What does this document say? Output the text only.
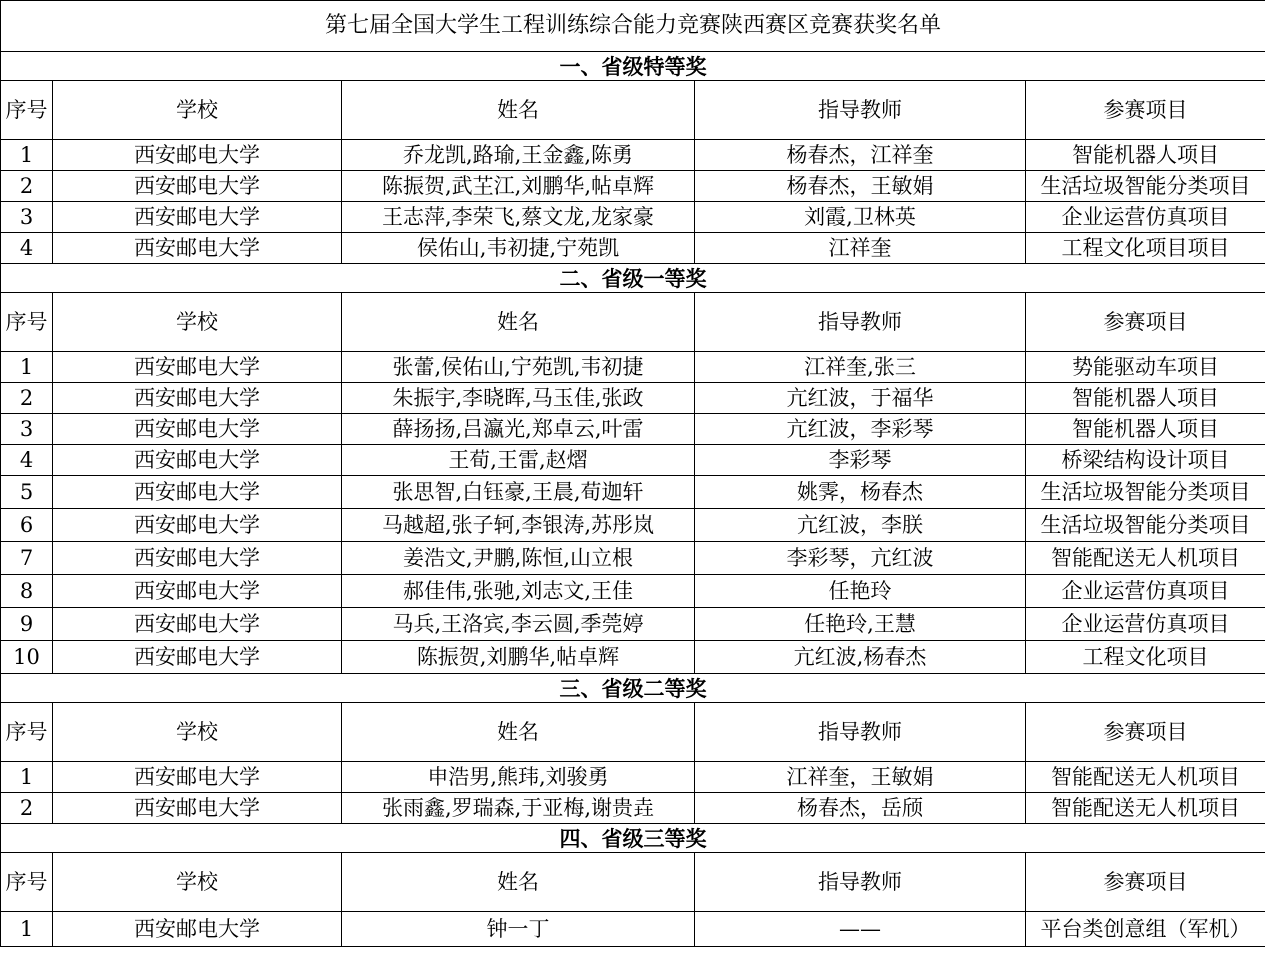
第七届全国大学生工程训练综合能力竞赛陕西赛区竞赛获奖名单				
一、省级特等奖				
序号	学校	姓名	指导教师	参赛项目
1	西安邮电大学	乔龙凯,路瑜,王金鑫,陈勇	杨春杰，江祥奎	智能机器人项目
2	西安邮电大学	陈振贺,武芏江,刘鹏华,帖卓辉	杨春杰，王敏娟	生活垃圾智能分类项目
3	西安邮电大学	王志萍,李荣飞,蔡文龙,龙家豪	刘霞,卫林英	企业运营仿真项目
4	西安邮电大学	侯佑山,韦初捷,宁苑凯	江祥奎	工程文化项目项目
二、省级一等奖				
序号	学校	姓名	指导教师	参赛项目
1	西安邮电大学	张蕾,侯佑山,宁苑凯,韦初捷	江祥奎,张三	势能驱动车项目
2	西安邮电大学	朱振宇,李晓晖,马玉佳,张政	亢红波，于福华	智能机器人项目
3	西安邮电大学	薛扬扬,吕瀛光,郑卓云,叶雷	亢红波，李彩琴	智能机器人项目
4	西安邮电大学	王荀,王雷,赵熠	李彩琴	桥梁结构设计项目
5	西安邮电大学	张思智,白钰豪,王晨,荀迦轩	姚霁，杨春杰	生活垃圾智能分类项目
6	西安邮电大学	马越超,张子轲,李银涛,苏彤岚	亢红波，李朕	生活垃圾智能分类项目
7	西安邮电大学	姜浩文,尹鹏,陈恒,山立根	李彩琴，亢红波	智能配送无人机项目
8	西安邮电大学	郝佳伟,张驰,刘志文,王佳	任艳玲	企业运营仿真项目
9	西安邮电大学	马兵,王洛宾,李云圆,季莞婷	任艳玲,王慧	企业运营仿真项目
10	西安邮电大学	陈振贺,刘鹏华,帖卓辉	亢红波,杨春杰	工程文化项目
三、省级二等奖				
序号	学校	姓名	指导教师	参赛项目
1	西安邮电大学	申浩男,熊玮,刘骏勇	江祥奎，王敏娟	智能配送无人机项目
2	西安邮电大学	张雨鑫,罗瑞森,于亚梅,谢贵垚	杨春杰，岳颀	智能配送无人机项目
四、省级三等奖				
序号	学校	姓名	指导教师	参赛项目
1	西安邮电大学	钟一丁	——	平台类创意组（军机）
